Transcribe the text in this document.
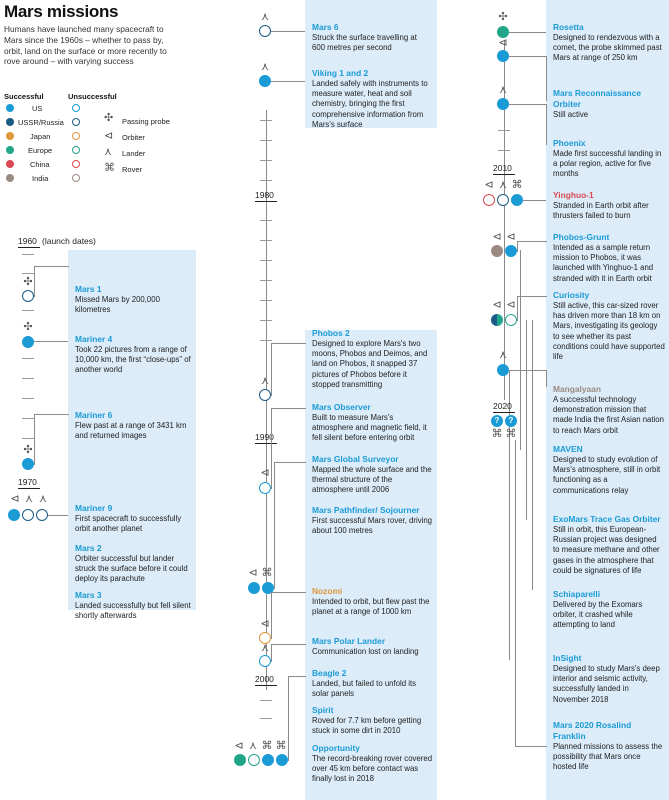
Mars missions
Humans have launched many spacecraft to Mars since the 1960s – whether to pass by, orbit, land on the surface or more recently to rove around – with varying success
Successful	Unsuccessful
US
USSR/Russia
Japan
Europe
China
India
✣ Passing probe
⊲ Orbiter
⋏ Lander
⌘ Rover
1960 (launch dates)
✣
Mars 1
Missed Mars by 200,000 kilometres
✣
Mariner 4
Took 22 pictures from a range of 10,000 km, the first “close-ups” of another world
✣
Mariner 6
Flew past at a range of 3431 km and returned images
1970
⊲ ⋏ ⋏
Mariner 9
First spacecraft to successfully orbit another planet
Mars 2
Orbiter successful but lander struck the surface before it could deploy its parachute
Mars 3
Landed successfully but fell silent shortly afterwards
⋏
Mars 6
Struck the surface travelling at 600 metres per second
⋏	Viking 1 and 2
Landed safely with instruments to measure water, heat and soil chemistry, bringing the first comprehensive information from Mars's surface
1980
⋏
Phobos 2
Designed to explore Mars's two moons, Phobos and Deimos, and land on Phobos, it snapped 37 pictures of Phobos before it stopped transmitting
1990
⊲
Mars Observer
Built to measure Mars's atmosphere and magnetic field, it fell silent before entering orbit
Mars Global Surveyor
Mapped the whole surface and the thermal structure of the atmosphere until 2006
Mars Pathfinder/ Sojourner
First successful Mars rover, driving about 100 metres
⊲ ⌘
⊲
Nozomi
Intended to orbit, but flew past the planet at a range of 1000 km
⋏
Mars Polar Lander
Communication lost on landing
2000
⊲ ⋏ ⌘ ⌘
Beagle 2
Landed, but failed to unfold its solar panels
Spirit
Roved for 7.7 km before getting stuck in some dirt in 2010
Opportunity
The record-breaking rover covered over 45 km before contact was finally lost in 2018
✣
Rosetta
Designed to rendezvous with a comet, the probe skimmed past Mars at range of 250 km
⊲
Mars Reconnaissance Orbiter
Still active
⋏
Phoenix
Made first successful landing in a polar region, active for five months
2010
⊲ ⋏ ⌘
Yinghuo-1
Stranded in Earth orbit after thrusters failed to burn
⊲ ⊲	Phobos-Grunt
Intended as a sample return mission to Phobos, it was launched with Yinghuo-1 and stranded with it in Earth orbit
⊲ ⊲
Curiosity
Still active, this car-sized rover has driven more than 18 km on Mars, investigating its geology to see whether its past conditions could have supported life
⋏
Mangalyaan
A successful technology demonstration mission that made India the first Asian nation to reach Mars orbit
2020
?	?
⌘ ⌘
MAVEN
Designed to study evolution of Mars's atmosphere, still in orbit functioning as a communications relay
ExoMars Trace Gas Orbiter
Still in orbit, this European-Russian project was designed to measure methane and other gases in the atmosphere that could be signatures of life
Schiaparelli
Delivered by the Exomars orbiter, it crashed while attempting to land
InSight
Designed to study Mars's deep interior and seismic activity, successfully landed in November 2018
Mars 2020 Rosalind Franklin
Planned missions to assess the possibility that Mars once hosted life
